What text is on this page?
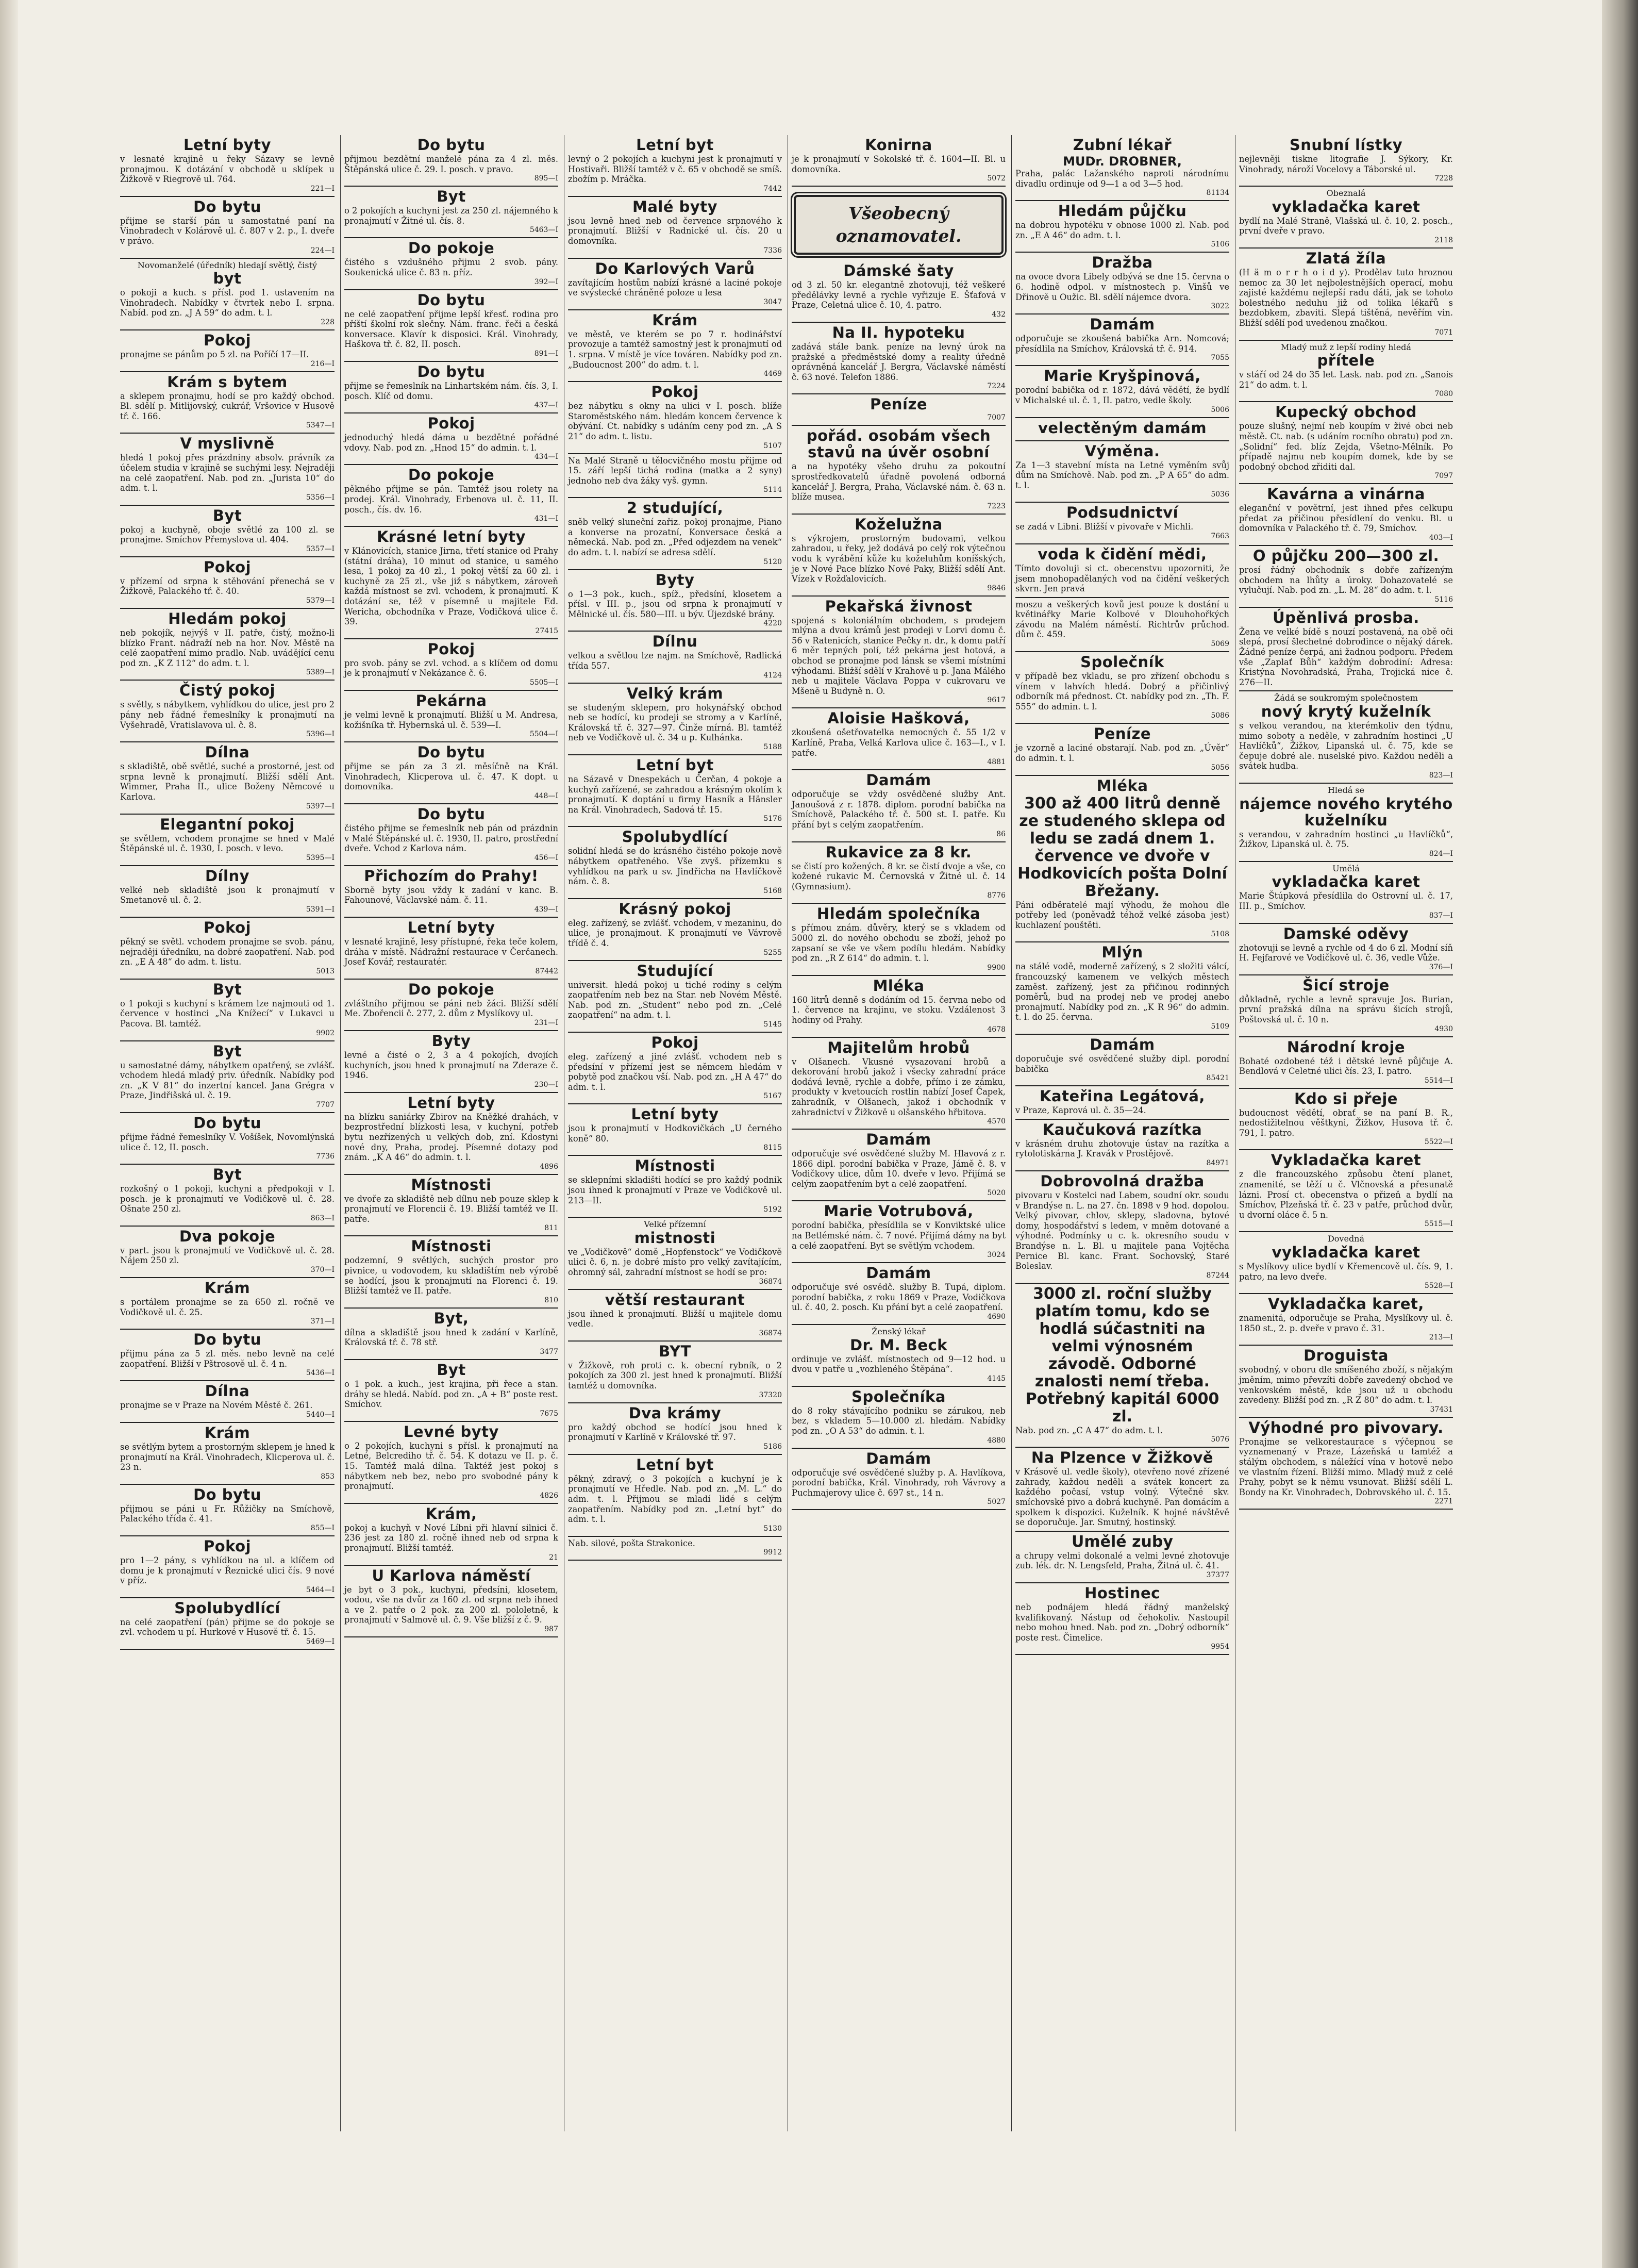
Letní byty

v lesnaté krajině u řeky Sázavy se levně pronajmou. K dotázání v obchodě u sklípek u Žižkově v Riegrově ul. 764.

221—I
Do bytu

přijme se starší pán u samostatné paní na Vinohradech v Kolárově ul. č. 807 v 2. p., I. dveře v právo.

224—I
Novomanželé (úředník) hledají světlý, čistý
byt

o pokoji a kuch. s přísl. pod 1. ustavením na Vinohradech. Nabídky v čtvrtek nebo I. srpna. Nabíd. pod zn. „J A 59“ do adm. t. l.

228
Pokoj

pronajme se pánům po 5 zl. na Poříčí 17—II.

216—I
Krám s bytem

a sklepem pronajmu, hodí se pro každý obchod. Bl. sdělí p. Mitlijovský, cukrář, Vršovice v Husově tř. č. 166.

5347—I
V myslivně

hledá 1 pokoj přes prázdniny absolv. právník za účelem studia v krajině se suchými lesy. Nejraději na celé zaopatření. Nab. pod zn. „Jurista 10“ do adm. t. l.

5356—I
Byt

pokoj a kuchyně, oboje světlé za 100 zl. se pronajme. Smíchov Přemyslova ul. 404.

5357—I
Pokoj

v přízemí od srpna k stěhování přenechá se v Žižkově, Palackého tř. č. 40.

5379—I
Hledám pokoj

neb pokojík, nejvýš v II. patře, čistý, možno-li blízko Frant. nádraží neb na hor. Nov. Městě na celé zaopatření mimo pradlo. Nab. uvádějící cenu pod zn. „K Z 112“ do adm. t. l.

5389—I
Čistý pokoj

s světly, s nábytkem, vyhlídkou do ulice, jest pro 2 pány neb řádné řemeslníky k pronajmutí na Vyšehradě, Vratislavova ul. č. 8.

5396—I
Dílna

s skladiště, obě světlé, suché a prostorné, jest od srpna levně k pronajmutí. Bližší sdělí Ant. Wimmer, Praha II., ulice Boženy Němcové u Karlova.

5397—I
Elegantní pokoj

se světlem, vchodem pronajme se hned v Malé Štěpánské ul. č. 1930, I. posch. v levo.

5395—I
Dílny

velké neb skladiště jsou k pronajmutí v Smetanově ul. č. 2.

5391—I
Pokoj

pěkný se světl. vchodem pronajme se svob. pánu, nejraději úředníku, na dobré zaopatření. Nab. pod zn. „E A 48“ do adm. t. listu.

5013
Byt

o 1 pokoji s kuchyní s krámem lze najmouti od 1. července v hostinci „Na Knížecí“ v Lukavci u Pacova. Bl. tamtéž.

9902
Byt

u samostatné dámy, nábytkem opatřený, se zvlášť. vchodem hledá mladý priv. úředník. Nabídky pod zn. „K V 81“ do inzertní kancel. Jana Grégra v Praze, Jindřišská ul. č. 19.

7707
Do bytu

přijme řádné řemeslníky V. Vošíšek, Novomlýnská ulice č. 12, II. posch.

7736
Byt

rozkošný o 1 pokoji, kuchyni a předpokoji v I. posch. je k pronajmutí ve Vodičkově ul. č. 28. Ošnate 250 zl.

863—I
Dva pokoje

v part. jsou k pronajmutí ve Vodičkově ul. č. 28. Nájem 250 zl.

370—I
Krám

s portálem pronajme se za 650 zl. ročně ve Vodičkově ul. č. 25.

371—I
Do bytu

přijmu pána za 5 zl. měs. nebo levně na celé zaopatření. Bližší v Pštrosově ul. č. 4 n.

5436—I
Dílna

pronajme se v Praze na Novém Městě č. 261.

5440—I
Krám

se světlým bytem a prostorným sklepem je hned k pronajmutí na Král. Vinohradech, Klicperova ul. č. 23 n.

853
Do bytu

přijmou se páni u Fr. Růžičky na Smíchově, Palackého třída č. 41.

855—I
Pokoj

pro 1—2 pány, s vyhlídkou na ul. a klíčem od domu je k pronajmutí v Řeznické ulici čís. 9 nové v příz.

5464—I
Spolubydlící

na celé zaopatření (pán) přijme se do pokoje se zvl. vchodem u pí. Hurkové v Husově tř. č. 15.

5469—I
Do bytu

přijmou bezdětní manželé pána za 4 zl. měs. Štěpánská ulice č. 29. I. posch. v pravo.

895—I
Byt

o 2 pokojích a kuchyni jest za 250 zl. nájemného k pronajmutí v Žitné ul. čís. 8.

5463—I
Do pokoje

čistého s vzdušného přijmu 2 svob. pány. Soukenická ulice č. 83 n. příz.

392—I
Do bytu

ne celé zaopatření přijme lepší křesť. rodina pro příští školní rok slečny. Nám. franc. řeči a česká konversace. Klavír k disposici. Král. Vinohrady, Haškova tř. č. 82, II. posch.

891—I
Do bytu

přijme se řemeslník na Linhartském nám. čís. 3, I. posch. Klíč od domu.

437—I
Pokoj

jednoduchý hledá dáma u bezdětné pořádné vdovy. Nab. pod zn. „Hnod 15“ do admin. t. l.

434—I
Do pokoje

pěkného přijme se pán. Tamtéž jsou rolety na prodej. Král. Vinohrady, Erbenova ul. č. 11, II. posch., čís. dv. 16.

431—I
Krásné letní byty

v Klánovicích, stanice Jirna, třetí stanice od Prahy (státní dráha), 10 minut od stanice, u samého lesa, 1 pokoj za 40 zl., 1 pokoj větší za 60 zl. i kuchyně za 25 zl., vše již s nábytkem, zároveň každá místnost se zvl. vchodem, k pronajmutí. K dotázání se, též v písemně u majitele Ed. Wericha, obchodníka v Praze, Vodičková ulice č. 39.

27415
Pokoj

pro svob. pány se zvl. vchod. a s klíčem od domu je k pronajmutí v Nekázance č. 6.

5505—I
Pekárna

je velmi levně k pronajmutí. Bližší u M. Andresa, kožišníka tř. Hybernská ul. č. 539—I.

5504—I
Do bytu

přijme se pán za 3 zl. měsíčně na Král. Vinohradech, Klicperova ul. č. 47. K dopt. u domovníka.

448—I
Do bytu

čistého přijme se řemeslník neb pán od prázdnin v Malé Štěpánské ul. č. 1930, II. patro, prostřední dveře. Vchod z Karlova nám.

456—I
Přichozím do Prahy!

Sborně byty jsou vždy k zadání v kanc. B. Fahounové, Václavské nám. č. 11.

439—I
Letní byty

v lesnaté krajině, lesy přístupné, řeka teče kolem, dráha v místě. Nádražní restaurace v Čerčanech. Josef Kovář, restauratér.

87442
Do pokoje

zvláštního přijmou se páni neb žáci. Bližší sdělí Me. Zbořencii č. 277, 2. dům z Myslíkovy ul.

231—I
Byty

levné a čisté o 2, 3 a 4 pokojích, dvojích kuchyních, jsou hned k pronajmutí na Zderaze č. 1946.

230—I
Letní byty

na blízku saniárky Zbirov na Kněžké drahách, v bezprostřední blízkosti lesa, v kuchyní, potřeb bytu nezřízených u velkých dob, zní. Kdostyni nové dny, Praha, prodej. Písemné dotazy pod znám. „K A 46“ do admin. t. l.

4896
Místnosti

ve dvoře za skladiště neb dílnu neb pouze sklep k pronajmutí ve Florencii č. 19. Bližší tamtéž ve II. patře.

811
Místnosti

podzemní, 9 světlých, suchých prostor pro pivnice, u vodovodem, ku skladištím neb výrobě se hodící, jsou k pronajmutí na Florenci č. 19. Bližší tamtéž ve II. patře.

810
Byt,

dílna a skladiště jsou hned k zadání v Karlíně, Královská tř. č. 78 stř.

3477
Byt

o 1 pok. a kuch., jest krajina, při řece a stan. dráhy se hledá. Nabíd. pod zn. „A + B“ poste rest. Smíchov.

7675
Levné byty

o 2 pokojích, kuchyni s přísl. k pronajmutí na Letné, Belcrediho tř. č. 54. K dotazu ve II. p. č. 15. Tamtéž malá dílna. Taktéž jest pokoj s nábytkem neb bez, nebo pro svobodné pány k pronajmutí.

4826
Krám,

pokoj a kuchyň v Nové Líbni při hlavní silnici č. 236 jest za 180 zl. ročně ihned neb od srpna k pronajmutí. Bližší tamtéž.

21
U Karlova náměstí

je byt o 3 pok., kuchyni, předsíni, klosetem, vodou, vše na dvůr za 160 zl. od srpna neb ihned a ve 2. patře o 2 pok. za 200 zl. pololetně, k pronajmutí v Salmově ul. č. 9. Vše bližší z č. 9.

987
Letní byt

levný o 2 pokojích a kuchyni jest k pronajmutí v Hostivaři. Bližší tamtéž v č. 65 v obchodě se smíš. zbožím p. Mráčka.

7442
Malé byty

jsou levně hned neb od července srpnového k pronajmutí. Bližší v Radnické ul. čís. 20 u domovníka.

7336
Do Karlových Varů

zavítajícím hostům nabízí krásné a laciné pokoje ve svýstecké chráněné poloze u lesa

3047
Krám

ve městě, ve kterém se po 7 r. hodinářství provozuje a tamtéž samostný jest k pronajmutí od 1. srpna. V místě je více továren. Nabídky pod zn. „Budoucnost 200“ do adm. t. l.

4469
Pokoj

bez nábytku s okny na ulici v I. posch. blíže Staroměstského nám. hledám koncem července k obývání. Ct. nabídky s udáním ceny pod zn. „A S 21“ do adm. t. listu.

5107

Na Malé Straně u tělocvičného mostu přijme od 15. září lepší tichá rodina (matka a 2 syny) jednoho neb dva žáky vyš. gymn.

5114
2 studující,

sněb velký sluneční zařiz. pokoj pronajme, Piano a konverse na prozatní, Konversace česká a německá. Nab. pod zn. „Před odjezdem na venek“ do adm. t. l. nabízí se adresa sdělí.

5120
Byty

o 1—3 pok., kuch., spíž., předsíní, klosetem a přísl. v III. p., jsou od srpna k pronajmutí v Mělnické ul. čís. 580—III. u býv. Újezdské brány.

4220
Dílnu

velkou a světlou lze najm. na Smíchově, Radlická třída 557.

4124
Velký krám

se studeným sklepem, pro hokynářský obchod neb se hodící, ku prodeji se stromy a v Karlíně, Královská tř. č. 327—97. Činže mírná. Bl. tamtéž neb ve Vodičkově ul. č. 34 u p. Kulhánka.

5188
Letní byt

na Sázavě v Dnespekách u Čerčan, 4 pokoje a kuchyň zařízené, se zahradou a krásným okolím k pronajmutí. K doptání u firmy Hasník a Hänsler na Král. Vinohradech, Sadová tř. 15.

5176
Spolubydlící

solidní hledá se do krásného čistého pokoje nově nábytkem opatřeného. Vše zvyš. přízemku s vyhlídkou na park u sv. Jindřicha na Havlíčkově nám. č. 8.

5168
Krásný pokoj

eleg. zařízený, se zvlášť. vchodem, v mezaninu, do ulice, je pronajmout. K pronajmutí ve Vávrově třídě č. 4.

5255
Studující

universit. hledá pokoj u tiché rodiny s celým zaopatřením neb bez na Star. neb Novém Městě. Nab. pod zn. „Student“ nebo pod zn. „Celé zaopatření“ na adm. t. l.

5145
Pokoj

eleg. zařízený a jiné zvlášť. vchodem neb s předsíní v přízemí jest se němcem hledám v pobytě pod značkou vší. Nab. pod zn. „H A 47“ do adm. t. l.

5167
Letní byty

jsou k pronajmutí v Hodkovičkách „U černého koně“ 80.

8115
Místnosti

se sklepními skladišti hodící se pro každý podnik jsou ihned k pronajmutí v Praze ve Vodičkově ul. 213—II.

5192
Velké přízemní
mistnosti

ve „Vodičkově“ domě „Hopfenstock“ ve Vodičkově ulici č. 6, n. je dobré místo pro velký zavítajícím, ohromný sál, zahradní místnost se hodí se pro:

36874
větší restaurant

jsou ihned k pronajmutí. Bližší u majitele domu vedle.

36874
BYT

v Žižkově, roh proti c. k. obecní rybník, o 2 pokojích za 300 zl. jest hned k pronajmutí. Bližší tamtéž u domovníka.

37320
Dva krámy

pro každý obchod se hodící jsou hned k pronajmutí v Karlíně v Královské tř. 97.

5186
Letní byt

pěkný, zdravý, o 3 pokojích a kuchyní je k pronajmutí ve Hředle. Nab. pod zn. „M. L.“ do adm. t. l. Přijmou se mladí lidé s celým zaopatřením. Nabídky pod zn. „Letní byt“ do adm. t. l.

5130

Nab. silové, pošta Strakonice.

9912
Konirna

je k pronajmutí v Sokolské tř. č. 1604—II. Bl. u domovníka.

5072
Všeobecný
oznamovatel.
Dámské šaty

od 3 zl. 50 kr. elegantně zhotovuji, též veškeré předělávky levně a rychle vyřizuje E. Šťafová v Praze, Celetná ulice č. 10, 4. patro.

432
Na II. hypoteku

zadává stále bank. peníze na levný úrok na pražské a předměstské domy a reality úředně oprávněná kancelář J. Bergra, Václavské náměstí č. 63 nové. Telefon 1886.

7224
Peníze
7007
pořád. osobám všech stavů na úvěr osobní

a na hypotéky všeho druhu za pokoutní sprostředkovatelů úřadně povolená odborná kancelář J. Bergra, Praha, Václavské nám. č. 63 n. blíže musea.

7223
Koželužna

s výkrojem, prostorným budovami, velkou zahradou, u řeky, jež dodává po celý rok výtečnou vodu k vyrábění kůže ku koželuhům koníšských, je v Nové Pace blízko Nové Paky, Bližší sdělí Ant. Vízek v Rožďalovicích.

9846
Pekařská živnost

spojená s koloniálním obchodem, s prodejem mlýna a dvou krámů jest prodeji v Lorvi domu č. 56 v Ratenicích, stanice Pečky n. dr., k domu patří 6 měr tepných polí, též pekárna jest hotová, a obchod se pronajme pod lánsk se všemi místními výhodami. Bližší sdělí v Krahově u p. Jana Málého neb u majitele Václava Poppa v cukrovaru ve Mšeně u Budyně n. O.

9617
Aloisie Hašková,

zkoušená ošetřovatelka nemocných č. 55 1/2 v Karlíně, Praha, Velká Karlova ulice č. 163—I., v I. patře.

4881
Damám

odporučuje se vždy osvědčené služby Ant. Janoušová z r. 1878. diplom. porodní babička na Smíchově, Palackého tř. č. 500 st. I. patře. Ku přání byt s celým zaopatřením.

86
Rukavice za 8 kr.

se čistí pro kožených. 8 kr. se čistí dvoje a vše, co kožené rukavic M. Černovská v Žitné ul. č. 14 (Gymnasium).

8776
Hledám společníka

s přímou znám. důvěry, který se s vkladem od 5000 zl. do nového obchodu se zboží, jehož po zapsaní se vše ve všem podílu hledám. Nabídky pod zn. „R Z 614“ do admin. t. l.

9900
Mléka

160 litrů denně s dodáním od 15. června nebo od 1. července na krajinu, ve stoku. Vzdálenost 3 hodiny od Prahy.

4678
Majitelům hrobů

v Olšanech. Vkusné vysazovaní hrobů a dekorování hrobů jakož i všecky zahradní práce dodává levně, rychle a dobře, přímo i ze zámku, produkty v kvetoucích rostlin nabízí Josef Čapek, zahradník, v Olšanech, jakož i obchodník v zahradnictví v Žižkově u olšanského hřbitova.

4570
Damám

odporučuje své osvědčené služby M. Hlavová z r. 1866 dipl. porodní babička v Praze, Jámě č. 8. v Vodičkovy ulice, dům 10. dveře v levo. Přijímá se celým zaopatřením byt a celé zaopatření.

5020
Marie Votrubová,

porodní babička, přesídlila se v Konviktské ulice na Betlémské nám. č. 7 nové. Přijímá dámy na byt a celé zaopatření. Byt se světlým vchodem.

3024
Damám

odporučuje své osvědč. služby B. Tupá, diplom. porodní babička, z roku 1869 v Praze, Vodičkova ul. č. 40, 2. posch. Ku přání byt a celé zaopatření.

4690
Ženský lékař
Dr. M. Beck

ordinuje ve zvlášť. místnostech od 9—12 hod. u dvou v patře u „vozhleného Štěpána“.

4145
Společníka

do 8 roky stávajícího podniku se zárukou, neb bez, s vkladem 5—10.000 zl. hledám. Nabídky pod zn. „O A 53“ do admin. t. l.

4880
Damám

odporučuje své osvědčené služby p. A. Havlíkova, porodní babička, Král. Vinohrady, roh Vávrovy a Puchmajerovy ulice č. 697 st., 14 n.

5027
Zubní lékař
MUDr. DROBNER,

Praha, palác Lažanského naproti národnímu divadlu ordinuje od 9—1 a od 3—5 hod.

81134
Hledám půjčku

na dobrou hypotéku v obnose 1000 zl. Nab. pod zn. „E A 46“ do adm. t. l.

5106
Dražba

na ovoce dvora Libely odbývá se dne 15. června o 6. hodině odpol. v místnostech p. Vinšů ve Dřinově u Oužic. Bl. sdělí nájemce dvora.

3022
Damám

odporučuje se zkoušená babička Arn. Nomcová; přesídlila na Smíchov, Královská tř. č. 914.

7055
Marie Kryšpinová,

porodní babička od r. 1872, dává vědětí, že bydlí v Michalské ul. č. 1, II. patro, vedle školy.

5006
velectěným damám
Výměna.

Za 1—3 stavební místa na Letné vyměním svůj dům na Smíchově. Nab. pod zn. „P A 65“ do adm. t. l.

5036
Podsudnictví

se zadá v Libni. Bližší v pivovaře v Michli.

7663
voda k čidění mědi,

Tímto dovoluji si ct. obecenstvu upozorniti, že jsem mnohopadělaných vod na čidění veškerých skvrn. Jen pravá

moszu a veškerých kovů jest pouze k dostání u květinářky Marie Kolbové v Dlouhohořkých závodu na Malém náměstí. Richtrův průchod. dům č. 459.

5069
Společník

v případě bez vkladu, se pro zřízení obchodu s vínem v lahvích hledá. Dobrý a přičinlivý odborník má přednost. Ct. nabídky pod zn. „Th. F. 555“ do admin. t. l.

5086
Peníze

je vzorně a laciné obstarají. Nab. pod zn. „Úvěr“ do admin. t. l.

5056
Mléka
300 až 400 litrů denně ze studeného sklepa od ledu se zadá dnem 1. července ve dvoře v Hodkovicích pošta Dolní Břežany.

Páni odběratelé mají výhodu, že mohou dle potřeby led (poněvadž téhož velké zásoba jest) kuchlazení pouštěti.

5108
Mlýn

na stálé vodě, moderně zařízený, s 2 složiti válcí, francouzský kamenem ve velkých městech zaměst. zařízený, jest za přičinou rodinných poměrů, bud na prodej neb ve prodej anebo pronajmutí. Nabídky pod zn. „K R 96“ do admin. t. l. do 25. června.

5109
Damám

doporučuje své osvědčené služby dipl. porodní babička

85421
Kateřina Legátová,

v Praze, Kaprová ul. č. 35—24.

Kaučuková razítka

v krásném druhu zhotovuje ústav na razítka a rytolotiskárna J. Kravák v Prostějově.

84971
Dobrovolná dražba

pivovaru v Kostelci nad Labem, soudní okr. soudu v Brandýse n. L. na 27. čn. 1898 v 9 hod. dopolou. Velký pivovar, chlov, sklepy, sladovna, bytové domy, hospodářství s ledem, v mněm dotované a výhodné. Podmínky u c. k. okresního soudu v Brandýse n. L. Bl. u majitele pana Vojtěcha Pernice Bl. kanc. Frant. Sochovský, Staré Boleslav.

87244
3000 zl. roční služby platím tomu, kdo se hodlá súčastniti na velmi výnosném závodě. Odborné znalosti nemí třeba. Potřebný kapitál 6000 zl.

Nab. pod zn. „C A 47“ do adm. t. l.

5076
Na Plzence v Žižkově

v Krásově ul. vedle školy), otevřeno nové zřízené zahrady, každou neděli a svátek koncert za každého počasí, vstup volný. Výtečné skv. smíchovské pivo a dobrá kuchyně. Pan domácím a spolkem k dispozici. Kuželník. K hojné návštěvě se doporučuje. Jar. Smutný, hostinský.

Umělé zuby

a chrupy velmi dokonalé a velmi levné zhotovuje zub. lék. dr. N. Lengsfeld, Praha, Žitná ul. č. 41.

37377
Hostinec

neb podnájem hledá řádný manželský kvalifikovaný. Nástup od čehokoliv. Nastoupil nebo mohou hned. Nab. pod zn. „Dobrý odborník“ poste rest. Čimelice.

9954
Snubní lístky

nejlevněji tiskne litografie J. Sýkory, Kr. Vinohrady, nároží Vocelovy a Táborské ul.

7228
Obeznalá
vykladačka karet

bydlí na Malé Straně, Vlašská ul. č. 10, 2. posch., první dveře v pravo.

2118
Zlatá žíla

(H ä m o r r h o i d y). Prodělav tuto hroznou nemoc za 30 let nejbolestnějších operací, mohu zajisté každému nejlepší radu dáti, jak se tohoto bolestného neduhu již od tolika lékařů s bezdobkem, zbaviti. Slepá tištěná, nevěřím vin. Bližší sdělí pod uvedenou značkou.

7071
Mladý muž z lepší rodiny hledá
přítele

v stáří od 24 do 35 let. Lask. nab. pod zn. „Sanois 21“ do adm. t. l.

7080
Kupecký obchod

pouze slušný, nejmí neb koupím v živé obci neb městě. Ct. nab. (s udáním rocního obratu) pod zn. „Solidní“ fed. blíz Zejda, Všetno-Mělník. Po případě najmu neb koupím domek, kde by se podobný obchod zřiditi dal.

7097
Kavárna a vinárna

eleganční v povětrní, jest ihned přes celkupu předat za přičinou přesídlení do venku. Bl. u domovníka v Palackého tř. č. 79, Smíchov.

403—I
O půjčku 200—300 zl.

prosí řádný obchodník s dobře zařízeným obchodem na lhůty a úroky. Dohazovatelé se vylučují. Nab. pod zn. „L. M. 28“ do adm. t. l.

5116
Úpěnlivá prosba.

Žena ve velké bídě s nouzí postavená, na obě oči slepá, prosí šlechetné dobrodince o nějaký dárek. Žádné peníze čerpá, ani žadnou podporu. Předem vše „Zaplať Bůh“ každým dobrodiní: Adresa: Kristýna Novohradská, Praha, Trojická nice č. 276—II.

Žádá se soukromým společnostem
nový krytý kuželník

s velkou verandou, na kterémkoliv den týdnu, mimo soboty a neděle, v zahradním hostinci „U Havlíčků“, Žižkov, Lipanská ul. č. 75, kde se čepuje dobré ale. nuselské pivo. Každou neděli a svátek hudba.

823—I
Hledá se
nájemce nového krytého kuželníku

s verandou, v zahradním hostinci „u Havlíčků“, Žižkov, Lipanská ul. č. 75.

824—I
Umělá
vykladačka karet

Marie Štúpková přesídlila do Ostrovní ul. č. 17, III. p., Smíchov.

837—I
Damské oděvy

zhotovuji se levně a rychle od 4 do 6 zl. Modní síň H. Fejfarové ve Vodičkově ul. č. 36, vedle Vůže.

376—I
Šicí stroje

důkladně, rychle a levně spravuje Jos. Burian, první pražská dílna na správu šicích strojů, Poštovská ul. č. 10 n.

4930
Národní kroje

Bohaté ozdobené též i dětské levně půjčuje A. Bendlová v Celetné ulici čís. 23, I. patro.

5514—I
Kdo si přeje

budoucnost vědětí, obrať se na paní B. R., nedostižitelnou věštkyni, Žižkov, Husova tř. č. 791, I. patro.

5522—I
Vykladačka karet

z dle francouzského způsobu čtení planet, znamenité, se těží u č. Vlčnovská a přesunatě lázni. Prosí ct. obecenstva o přizeň a bydlí na Smíchov, Plzeňská tř. č. 23 v patře, průchod dvůr, u dvorní oláce č. 5 n.

5515—I
Dovedná
vykladačka karet

s Myslíkovy ulice bydlí v Křemencově ul. čís. 9, 1. patro, na levo dveře.

5528—I
Vykladačka karet,

znamenitá, odporučuje se Praha, Myslíkovy ul. č. 1850 st., 2. p. dveře v pravo č. 31.

213—I
Droguista

svobodný, v oboru dle smíšeného zboží, s nějakým jměním, mimo převzíti dobře zavedený obchod ve venkovském městě, kde jsou už u obchodu zavedeny. Bližší pod zn. „R Z 80“ do adm. t. l.

37431
Výhodné pro pivovary.

Pronajme se velkorestaurace s výčepnou se vyznamenaný v Praze, Lázeňská u tamtéž a stálým obchodem, s náležící vína v hotově nebo ve vlastním řízení. Bližší mimo. Mladý muž z celé Prahy, pobyt se k němu vsunovat. Bližší sdělí L. Bondy na Kr. Vinohradech, Dobrovského ul. č. 15.

2271
